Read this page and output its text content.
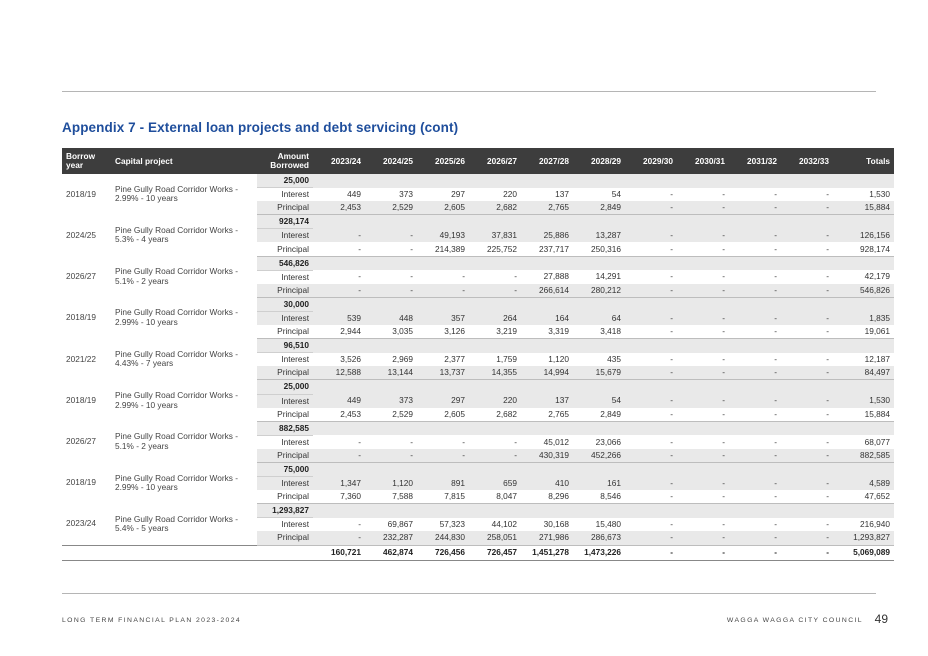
Appendix 7 - External loan projects and debt servicing (cont)
Borrow year	Capital project	Amount Borrowed	2023/24	2024/25	2025/26	2026/27	2027/28	2028/29	2029/30	2030/31	2031/32	2032/33	Totals
2018/19	Pine Gully Road Corridor Works - 2.99% - 10 years	25,000											
		Interest	449	373	297	220	137	54	-	-	-	-	1,530
		Principal	2,453	2,529	2,605	2,682	2,765	2,849	-	-	-	-	15,884
2024/25	Pine Gully Road Corridor Works - 5.3% - 4 years	928,174											
		Interest	-	-	49,193	37,831	25,886	13,287	-	-	-	-	126,156
		Principal	-	-	214,389	225,752	237,717	250,316	-	-	-	-	928,174
2026/27	Pine Gully Road Corridor Works - 5.1% - 2 years	546,826											
		Interest	-	-	-	-	27,888	14,291	-	-	-	-	42,179
		Principal	-	-	-	-	266,614	280,212	-	-	-	-	546,826
2018/19	Pine Gully Road Corridor Works - 2.99% - 10 years	30,000											
		Interest	539	448	357	264	164	64	-	-	-	-	1,835
		Principal	2,944	3,035	3,126	3,219	3,319	3,418	-	-	-	-	19,061
2021/22	Pine Gully Road Corridor Works - 4.43% - 7 years	96,510											
		Interest	3,526	2,969	2,377	1,759	1,120	435	-	-	-	-	12,187
		Principal	12,588	13,144	13,737	14,355	14,994	15,679	-	-	-	-	84,497
2018/19	Pine Gully Road Corridor Works - 2.99% - 10 years	25,000											
		Interest	449	373	297	220	137	54	-	-	-	-	1,530
		Principal	2,453	2,529	2,605	2,682	2,765	2,849	-	-	-	-	15,884
2026/27	Pine Gully Road Corridor Works - 5.1% - 2 years	882,585											
		Interest	-	-	-	-	45,012	23,066	-	-	-	-	68,077
		Principal	-	-	-	-	430,319	452,266	-	-	-	-	882,585
2018/19	Pine Gully Road Corridor Works - 2.99% - 10 years	75,000											
		Interest	1,347	1,120	891	659	410	161	-	-	-	-	4,589
		Principal	7,360	7,588	7,815	8,047	8,296	8,546	-	-	-	-	47,652
2023/24	Pine Gully Road Corridor Works - 5.4% - 5 years	1,293,827											
		Interest	-	69,867	57,323	44,102	30,168	15,480	-	-	-	-	216,940
		Principal	-	232,287	244,830	258,051	271,986	286,673	-	-	-	-	1,293,827
			160,721	462,874	726,456	726,457	1,451,278	1,473,226	-	-	-	-	5,069,089
LONG TERM FINANCIAL PLAN 2023-2024	WAGGA WAGGA CITY COUNCIL 49
